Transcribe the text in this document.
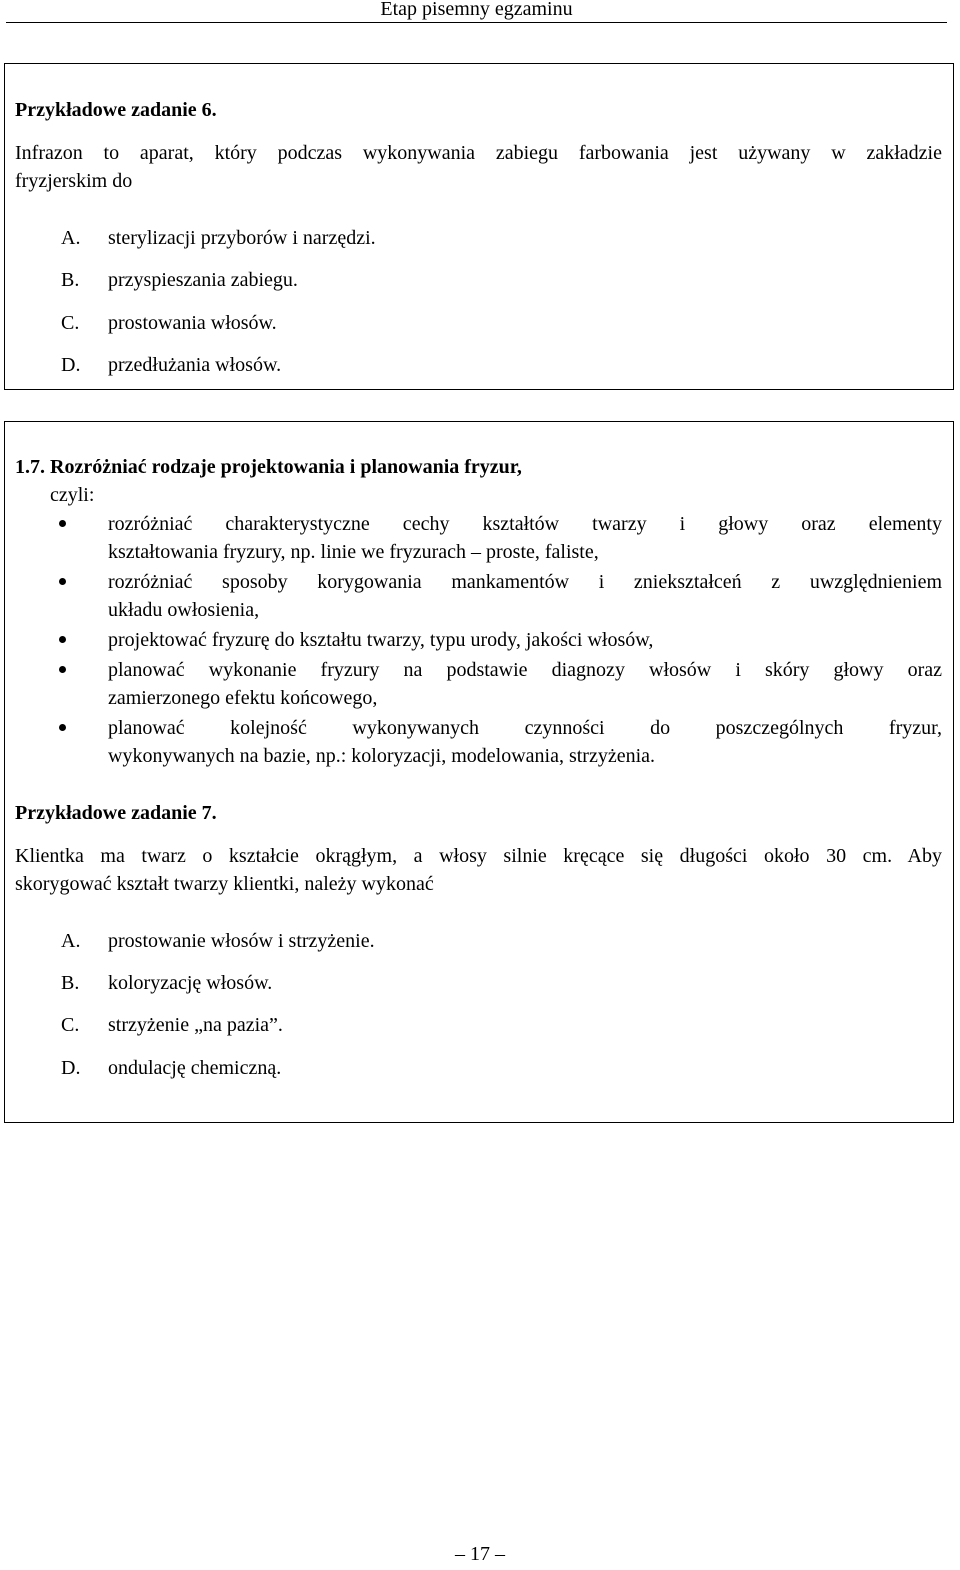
Etap pisemny egzaminu
Przykładowe zadanie 6.
Infrazon to aparat, który podczas wykonywania zabiegu farbowania jest używany w zakładzie
fryzjerskim do
A.	sterylizacji przyborów i narzędzi.
B.	przyspieszania zabiegu.
C.	prostowania włosów.
D.	przedłużania włosów.
1.7. Rozróżniać rodzaje projektowania i planowania fryzur,
czyli:
rozróżniać charakterystyczne cechy kształtów twarzy i głowy oraz elementy
kształtowania fryzury, np. linie we fryzurach – proste, faliste,
rozróżniać sposoby korygowania mankamentów i zniekształceń z uwzględnieniem
układu owłosienia,
projektować fryzurę do kształtu twarzy, typu urody, jakości włosów,
planować wykonanie fryzury na podstawie diagnozy włosów i skóry głowy oraz
zamierzonego efektu końcowego,
planować kolejność wykonywanych czynności do poszczególnych fryzur,
wykonywanych na bazie, np.: koloryzacji, modelowania, strzyżenia.
Przykładowe zadanie 7.
Klientka ma twarz o kształcie okrągłym, a włosy silnie kręcące się długości około 30 cm. Aby
skorygować kształt twarzy klientki, należy wykonać
A.	prostowanie włosów i strzyżenie.
B.	koloryzację włosów.
C.	strzyżenie „na pazia”.
D.	ondulację chemiczną.
– 17 –
